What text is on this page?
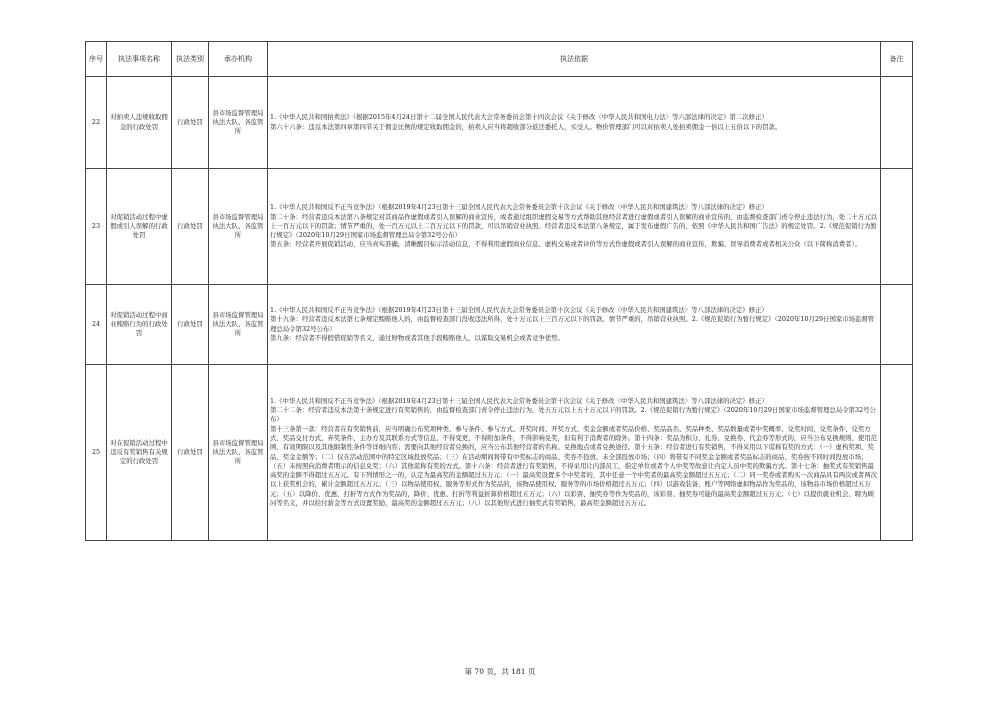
序号	执法事项名称	执法类别	承办机构	执法依据	备注
22	对拍卖人违规收取佣金的行政处罚	行政处罚	县市场监督管理局执法大队、各监管所	1.《中华人民共和国拍卖法》（根据2015年4月24日第十二届全国人民代表大会常务委员会第十四次会议《关于修改〈中华人民共和国电力法〉等六部法律的决定》第二次修正）
第六十六条：违反本法第四章第四节关于佣金比例的规定收取佣金的，拍卖人应当将超收部分返还委托人、买受人。物价管理部门可以对拍卖人处拍卖佣金一倍以上五倍以下的罚款。	

23	对促销活动过程中虚假或引人误解的行政处罚	行政处罚	县市场监督管理局执法大队、各监管所	1.《中华人民共和国反不正当竞争法》（根据2019年4月23日第十三届全国人民代表大会常务委员会第十次会议《关于修改〈中华人民共和国建筑法〉等八部法律的决定》修正）
第二十条：经营者违反本法第八条规定对其商品作虚假或者引人误解的商业宣传，或者通过组织虚假交易等方式帮助其他经营者进行虚假或者引人误解的商业宣传的，由监督检查部门责令停止违法行为，处二十万元以上一百万元以下的罚款；情节严重的，处一百万元以上二百万元以下的罚款，可以吊销营业执照。经营者违反本法第八条规定，属于发布虚假广告的，依照《中华人民共和国广告法》的规定处罚。2.《规范促销行为暂行规定》（2020年10月29日国家市场监督管理总局令第32号公布）
第五条：经营者开展促销活动，应当真实准确，清晰醒目标示活动信息，不得利用虚假商业信息、虚构交易或者评价等方式作虚假或者引人误解的商业宣传，欺骗、误导消费者或者相关公众（以下简称消费者）。	

24	对促销活动过程中商业贿赂行为的行政处罚	行政处罚	县市场监督管理局执法大队、各监管所	1.《中华人民共和国反不正当竞争法》（根据2019年4月23日第十三届全国人民代表大会常务委员会第十次会议《关于修改〈中华人民共和国建筑法〉等八部法律的决定》修正）
第十九条：经营者违反本法第七条规定贿赂他人的，由监督检查部门没收违法所得，处十万元以上三百万元以下的罚款。情节严重的，吊销营业执照。2.《规范促销行为暂行规定》（2020年10月29日国家市场监督管理总局令第32号公布）
第九条：经营者不得假借促销等名义，通过财物或者其他手段贿赂他人，以谋取交易机会或者竞争优势。	

25	对在促销活动过程中违反有奖销售有关规定的行政处罚	行政处罚	县市场监督管理局执法大队、各监管所	1.《中华人民共和国反不正当竞争法》（根据2019年4月23日第十三届全国人民代表大会常务委员会第十次会议《关于修改〈中华人民共和国建筑法〉等八部法律的决定》修正）
第二十二条：经营者违反本法第十条规定进行有奖销售的，由监督检查部门责令停止违法行为，处五万元以上五十万元以下的罚款。2.《规范促销行为暂行规定》（2020年10月29日国家市场监督管理总局令第32号公布）
第十三条第一款：经营者在有奖销售前，应当明确公布奖项种类、参与条件、参与方式、开奖时间、开奖方式、奖金金额或者奖品价格、奖品品名、奖品种类、奖品数量或者中奖概率、兑奖时间、兑奖条件、兑奖方式、奖品交付方式、弃奖条件、主办方及其联系方式等信息，不得变更，不得附加条件，不得影响兑奖，但有利于消费者的除外。第十四条：奖品为积分、礼券、兑换券、代金券等形式的，应当公布兑换规则、使用范围、有效期限以及其他限制性条件等详细内容；需要向其他经营者兑换的，应当公布其他经营者的名称、兑换地点或者兑换途径。第十五条：经营者进行有奖销售，不得采用以下谎称有奖的方式：（一）虚构奖项、奖品、奖金金额等；（二）仅在活动范围中的特定区域投放奖品；（三）在活动期间将带有中奖标志的商品、奖券不投放、未全部投放市场；（四）将带有不同奖金金额或者奖品标志的商品、奖券按不同时间投放市场；（五）未按照向消费者明示的信息兑奖；（六）其他谎称有奖的方式。第十六条：经营者进行有奖销售，不得采用让内部员工、指定单位或者个人中奖等故意让内定人员中奖的欺骗方式。第十七条：抽奖式有奖销售最高奖的金额不得超过五万元。有下列情形之一的，认定为最高奖的金额超过五万元：（一）最高奖设置多个中奖者的，其中任意一个中奖者的最高奖金额超过五万元；（二）同一奖券或者购买一次商品具有两次或者两次以上获奖机会的，累计金额超过五万元；（三）以物品使用权、服务等形式作为奖品的，该物品使用权、服务等的市场价格超过五万元；（四）以游戏装备、账户等网络虚拟物品作为奖品的，该物品市场价格超过五万元；（五）以降价、优惠、打折等方式作为奖品的，降价、优惠、打折等利益折算价格超过五万元；（六）以彩票、抽奖券等作为奖品的，该彩票、抽奖券可能的最高奖金额超过五万元；（七）以提供就业机会、聘为顾问等名义，并以给付薪金等方式设置奖励，最高奖的金额超过五万元；（八）以其他形式进行抽奖式有奖销售，最高奖金额超过五万元。	

第 70 页，共 181 页
